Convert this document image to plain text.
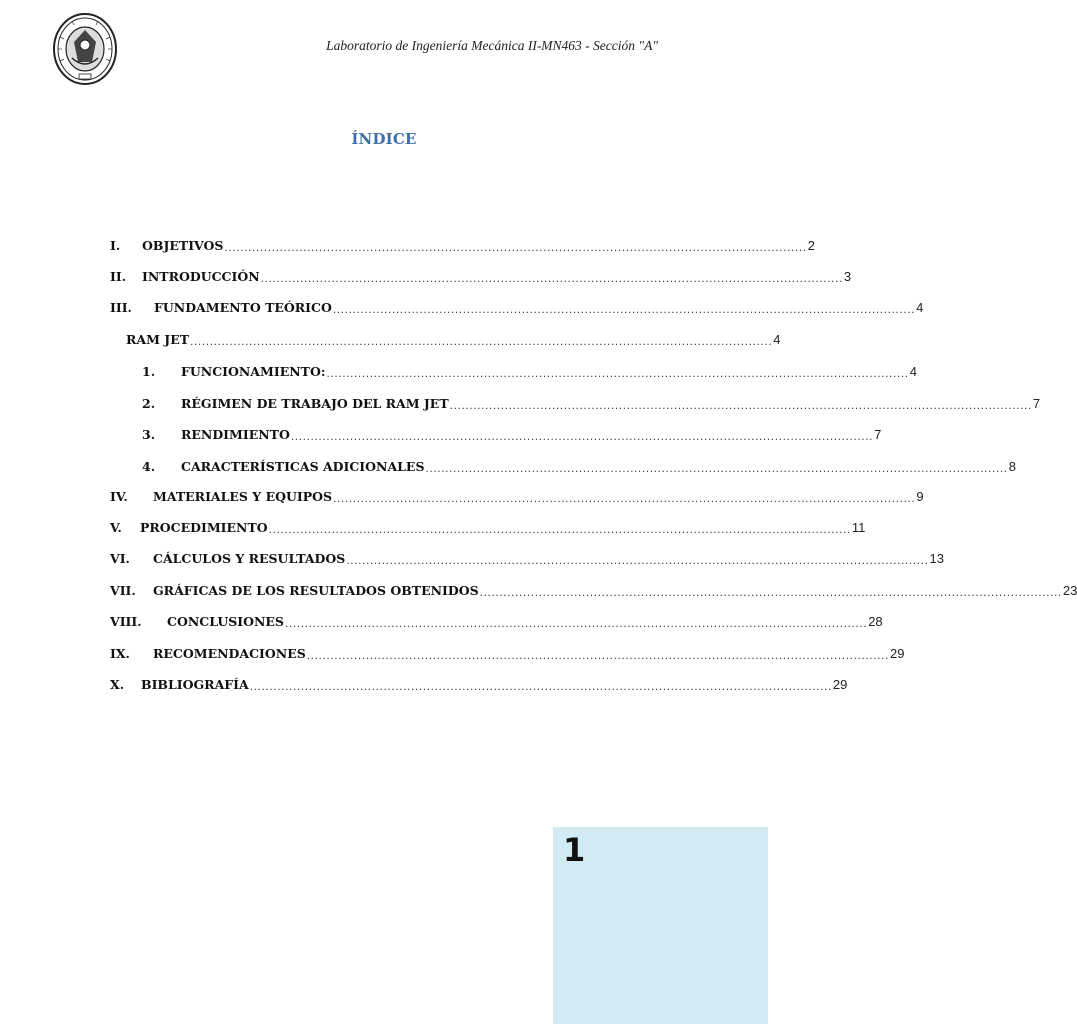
Laboratorio de Ingeniería Mecánica II-MN463 - Sección "A"
ÍNDICE
I.	OBJETIVOS .................................................................................................................................................... 2
II.	INTRODUCCIÓN .................................................................................................................................................... 3
III.	FUNDAMENTO TEÓRICO .................................................................................................................................................... 4
RAM JET .................................................................................................................................................... 4
1.	FUNCIONAMIENTO: .................................................................................................................................................... 4
2.	RÉGIMEN DE TRABAJO DEL RAM JET .................................................................................................................................................... 7
3.	RENDIMIENTO .................................................................................................................................................... 7
4.	CARACTERÍSTICAS ADICIONALES .................................................................................................................................................... 8
IV.	MATERIALES Y EQUIPOS .................................................................................................................................................... 9
V.	PROCEDIMIENTO .................................................................................................................................................... 11
VI.	CÁLCULOS Y RESULTADOS .................................................................................................................................................... 13
VII.	GRÁFICAS DE LOS RESULTADOS OBTENIDOS .................................................................................................................................................... 23
VIII.	CONCLUSIONES .................................................................................................................................................... 28
IX.	RECOMENDACIONES .................................................................................................................................................... 29
X.	BIBLIOGRAFÍA .................................................................................................................................................... 29
1
